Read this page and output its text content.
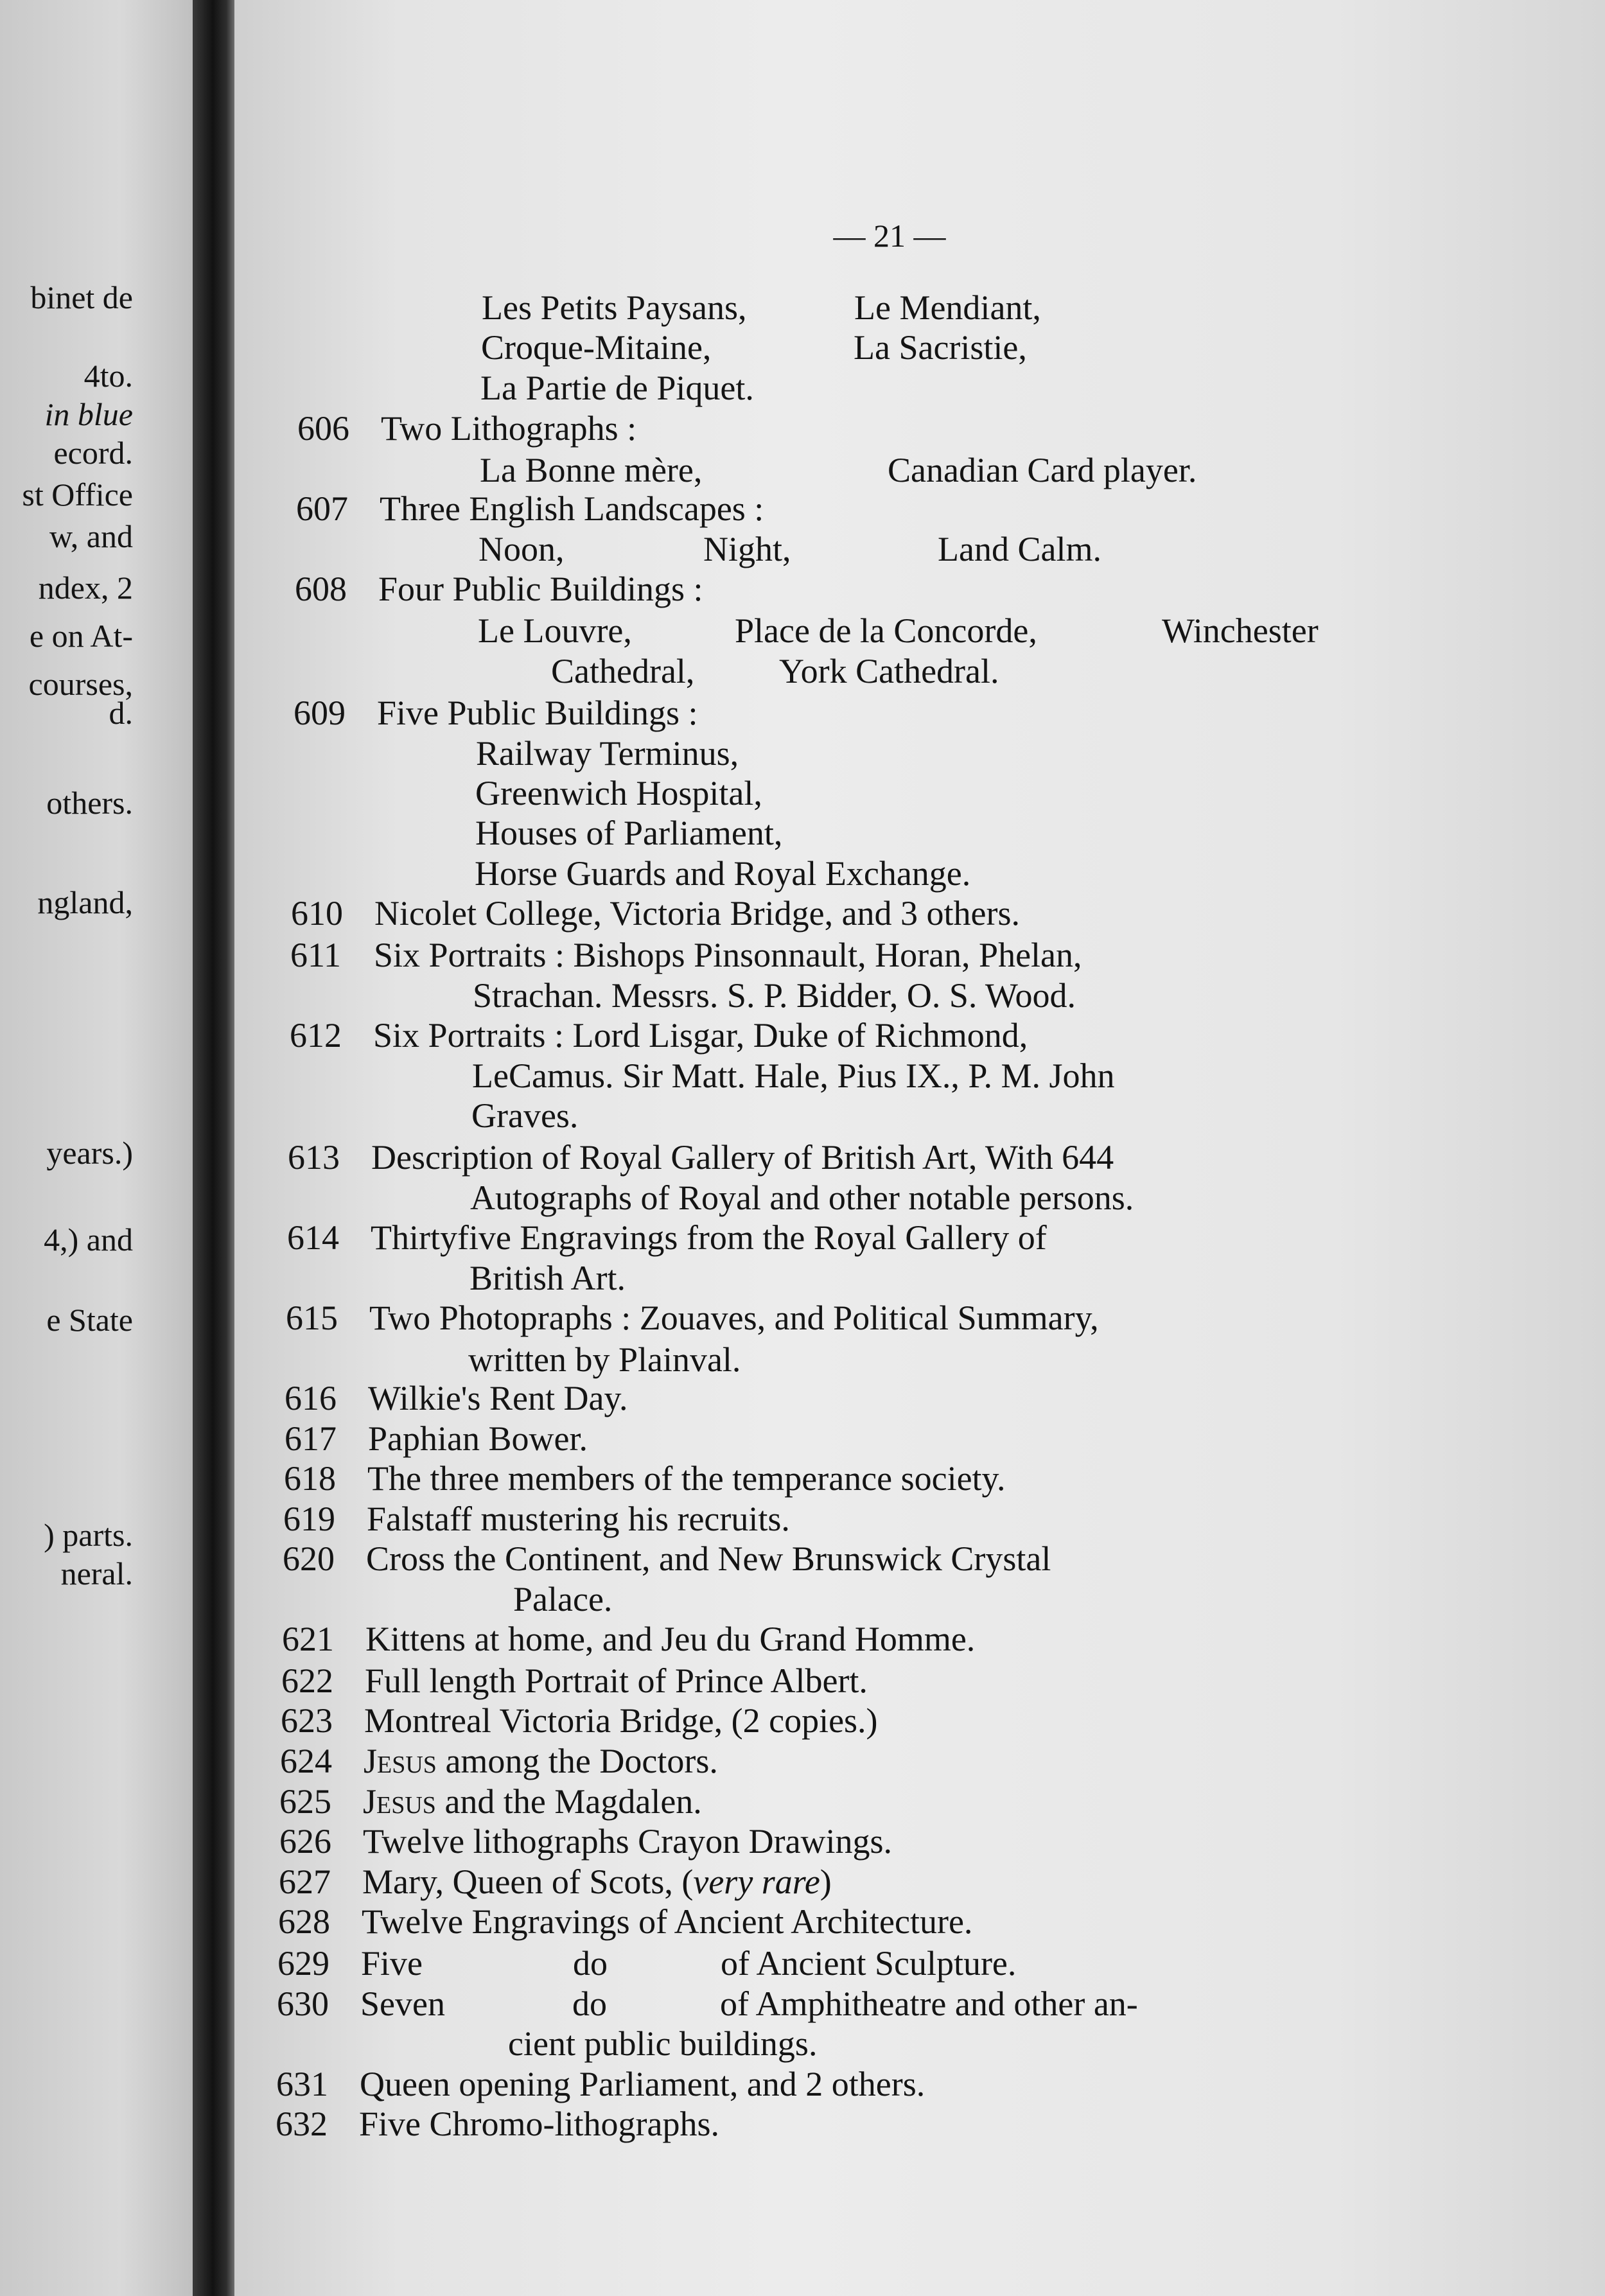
binet de
4to.
in blue
ecord.
st Office
w, and
ndex, 2
e on At-
courses,
d.
others.
ngland,
years.)
4,) and
e State
) parts.
neral.
— 21 —
Les Petits Paysans,	Le Mendiant,
Croque-Mitaine,	La Sacristie,
La Partie de Piquet.
606 Two Lithographs :
La Bonne mère,	Canadian Card player.
607 Three English Landscapes :
Noon,	Night,	Land Calm.
608 Four Public Buildings :
Le Louvre,	Place de la Concorde,	Winchester
Cathedral, York Cathedral.
609 Five Public Buildings :
Railway Terminus,
Greenwich Hospital,
Houses of Parliament,
Horse Guards and Royal Exchange.
610 Nicolet College, Victoria Bridge, and 3 others.
611 Six Portraits : Bishops Pinsonnault, Horan, Phelan,
Strachan. Messrs. S. P. Bidder, O. S. Wood.
612 Six Portraits : Lord Lisgar, Duke of Richmond,
LeCamus. Sir Matt. Hale, Pius IX., P. M. John
Graves.
613 Description of Royal Gallery of British Art, With 644
Autographs of Royal and other notable persons.
614 Thirtyfive Engravings from the Royal Gallery of
British Art.
615 Two Photopraphs : Zouaves, and Political Summary,
written by Plainval.
616 Wilkie's Rent Day.
617 Paphian Bower.
618 The three members of the temperance society.
619 Falstaff mustering his recruits.
620 Cross the Continent, and New Brunswick Crystal
Palace.
621 Kittens at home, and Jeu du Grand Homme.
622 Full length Portrait of Prince Albert.
623 Montreal Victoria Bridge, (2 copies.)
624 Jesus among the Doctors.
625 Jesus and the Magdalen.
626 Twelve lithographs Crayon Drawings.
627 Mary, Queen of Scots, (very rare)
628 Twelve Engravings of Ancient Architecture.
629 Five	do	of Ancient Sculpture.
630 Seven	do	of Amphitheatre and other an-
cient public buildings.
631 Queen opening Parliament, and 2 others.
632 Five Chromo-lithographs.
